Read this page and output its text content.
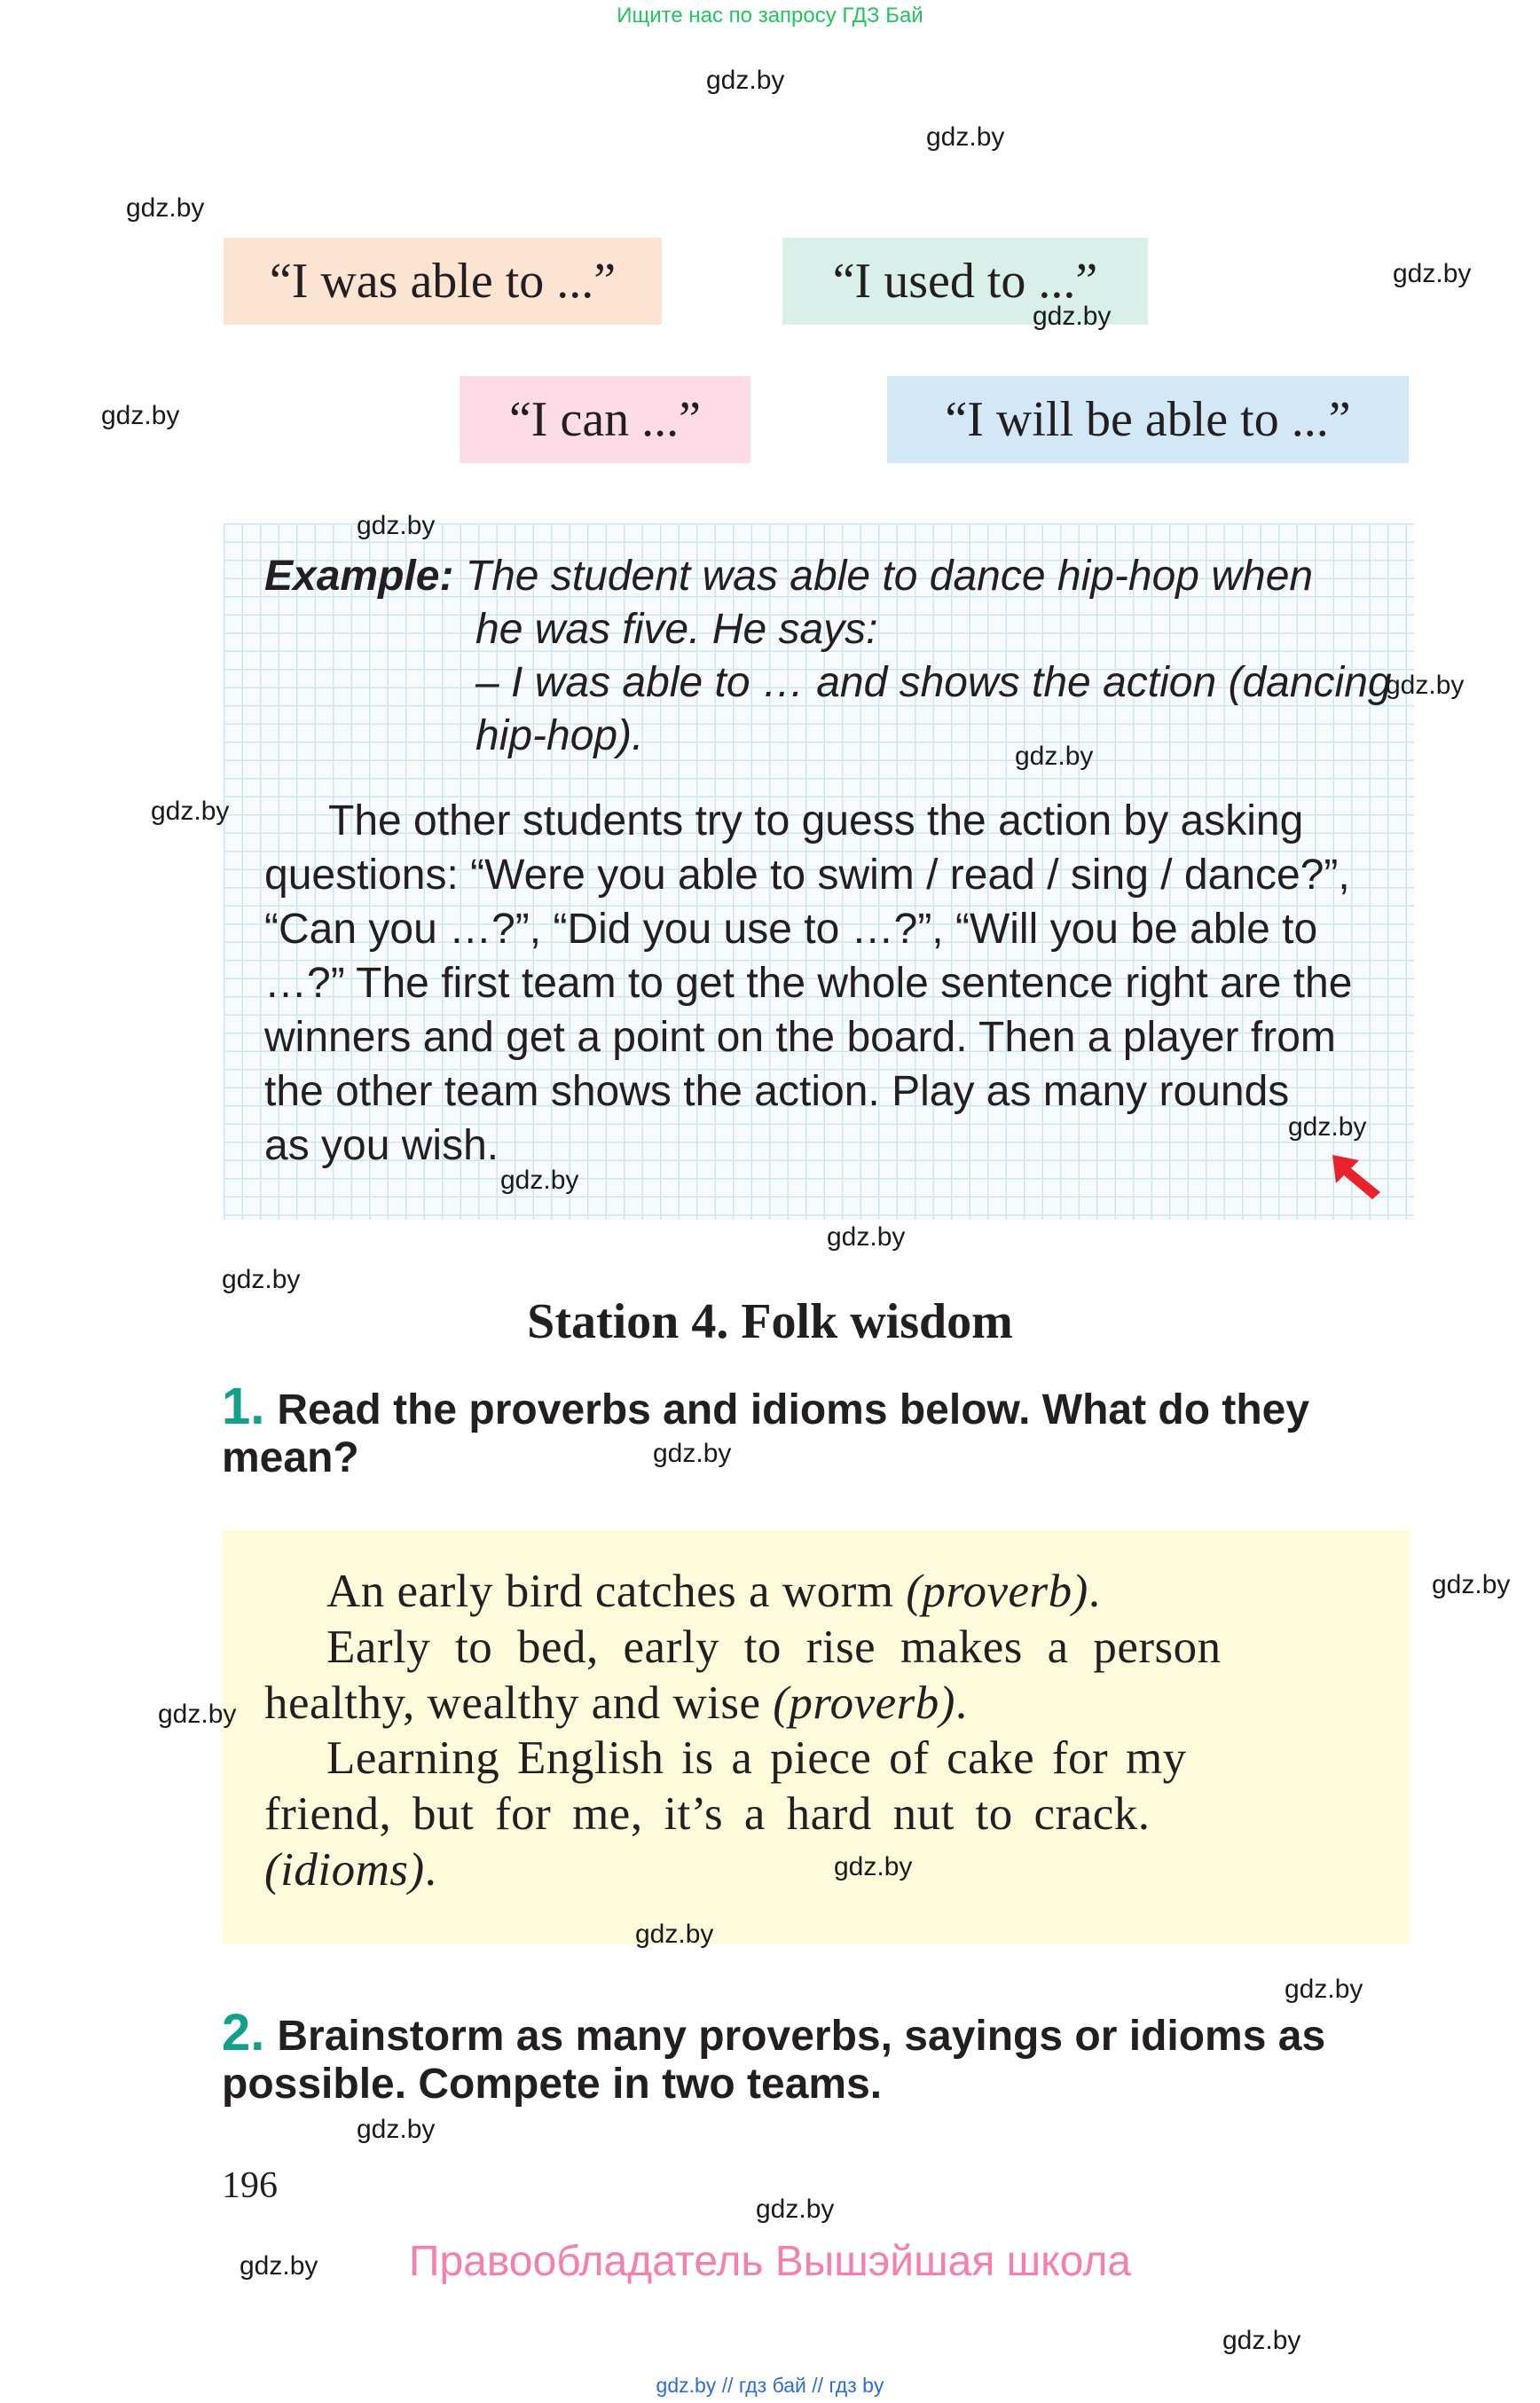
Ищите нас по запросу ГДЗ Бай
“I was able to ...”	“I used to ...”
“I can ...”	“I will be able to ...”
Example: The student was able to dance hip-hop when
he was five. He says:
– I was able to … and shows the action (dancing
hip-hop).
The other students try to guess the action by asking
questions: “Were you able to swim / read / sing / dance?”,
“Can you …?”, “Did you use to …?”, “Will you be able to
…?” The first team to get the whole sentence right are the
winners and get a point on the board. Then a player from
the other team shows the action. Play as many rounds
as you wish.
Station 4. Folk wisdom
1. Read the proverbs and idioms below. What do they
mean?
An early bird catches a worm (proverb).
Early to bed, early to rise makes a person
healthy, wealthy and wise (proverb).
Learning English is a piece of cake for my
friend, but for me, it’s a hard nut to crack.
(idioms).
2. Brainstorm as many proverbs, sayings or idioms as
possible. Compete in two teams.
196
Правообладатель Вышэйшая школа
gdz.by // гдз бай // гдз by
gdz.by
gdz.by
gdz.by
gdz.by
gdz.by
gdz.by
gdz.by
gdz.by
gdz.by
gdz.by
gdz.by
gdz.by
gdz.by
gdz.by
gdz.by
gdz.by
gdz.by
gdz.by
gdz.by
gdz.by
gdz.by
gdz.by
gdz.by
gdz.by
